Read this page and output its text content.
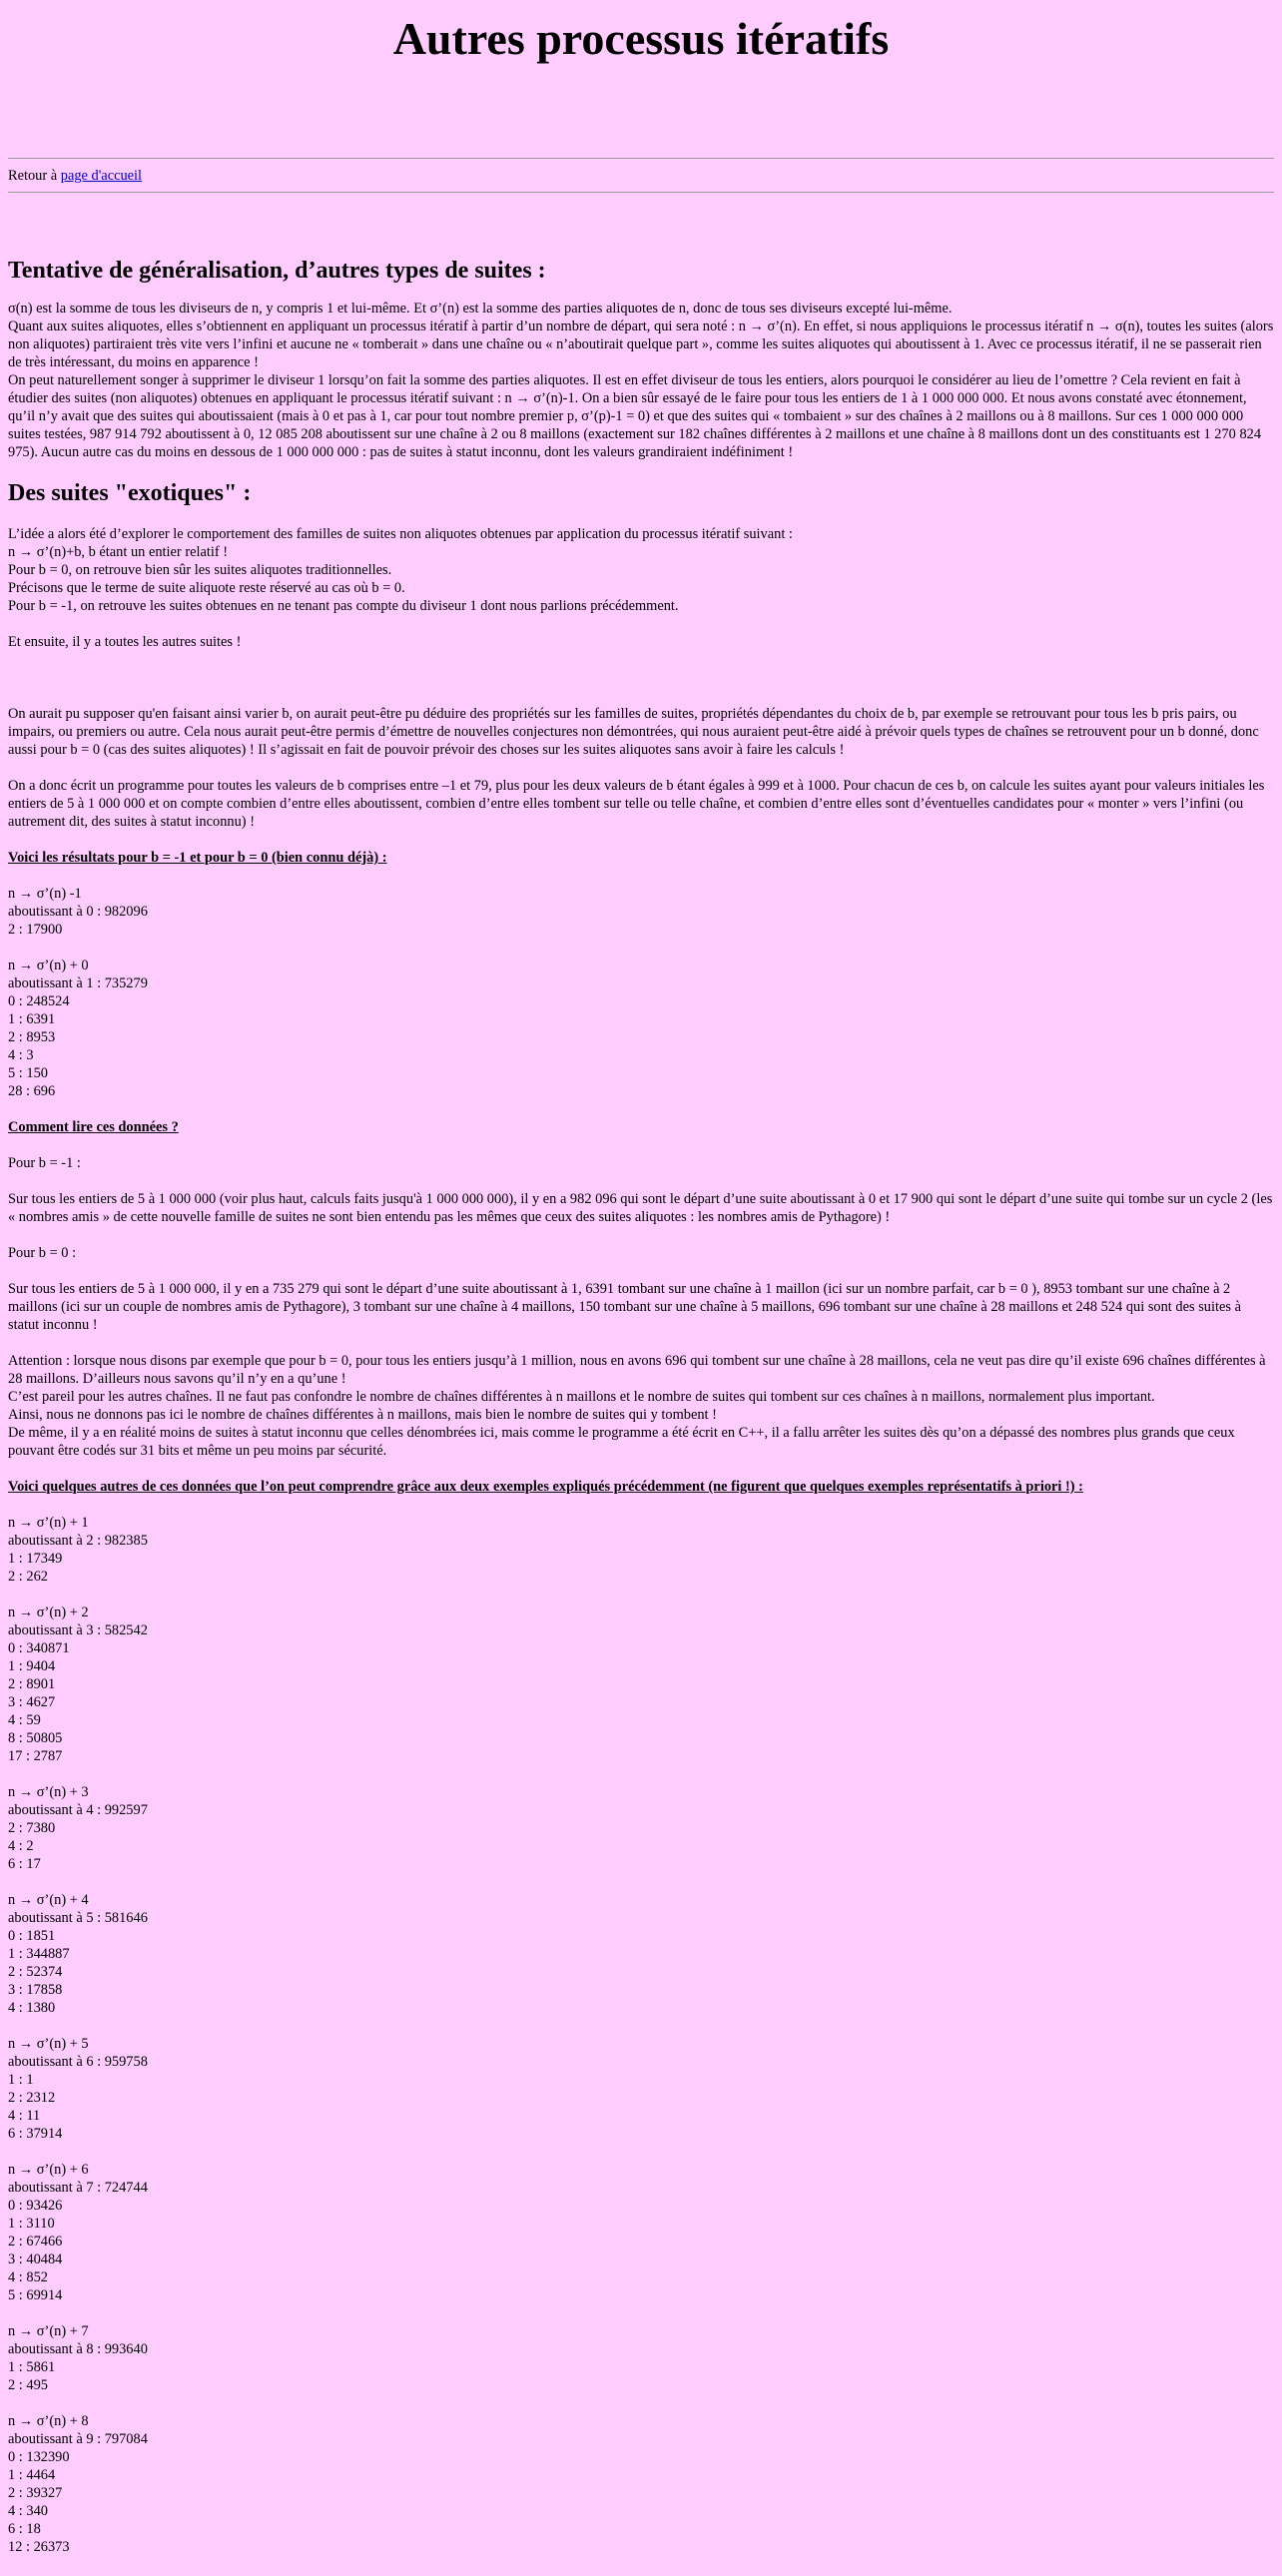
Autres processus itératifs
Retour à page d'accueil
Tentative de généralisation, d’autres types de suites :

σ(n) est la somme de tous les diviseurs de n, y compris 1 et lui-même. Et σ’(n) est la somme des parties aliquotes de n, donc de tous ses diviseurs excepté lui-même.
Quant aux suites aliquotes, elles s’obtiennent en appliquant un processus itératif à partir d’un nombre de départ, qui sera noté : n → σ’(n). En effet, si nous appliquions le processus itératif n → σ(n), toutes les suites (alors non aliquotes) partiraient très vite vers l’infini et aucune ne « tomberait » dans une chaîne ou « n’aboutirait quelque part », comme les suites aliquotes qui aboutissent à 1. Avec ce processus itératif, il ne se passerait rien de très intéressant, du moins en apparence !
On peut naturellement songer à supprimer le diviseur 1 lorsqu’on fait la somme des parties aliquotes. Il est en effet diviseur de tous les entiers, alors pourquoi le considérer au lieu de l’omettre ? Cela revient en fait à étudier des suites (non aliquotes) obtenues en appliquant le processus itératif suivant : n → σ’(n)-1. On a bien sûr essayé de le faire pour tous les entiers de 1 à 1 000 000 000. Et nous avons constaté avec étonnement, qu’il n’y avait que des suites qui aboutissaient (mais à 0 et pas à 1, car pour tout nombre premier p, σ’(p)-1 = 0) et que des suites qui « tombaient » sur des chaînes à 2 maillons ou à 8 maillons. Sur ces 1 000 000 000 suites testées, 987 914 792 aboutissent à 0, 12 085 208 aboutissent sur une chaîne à 2 ou 8 maillons (exactement sur 182 chaînes différentes à 2 maillons et une chaîne à 8 maillons dont un des constituants est 1 270 824 975). Aucun autre cas du moins en dessous de 1 000 000 000 : pas de suites à statut inconnu, dont les valeurs grandiraient indéfiniment !

Des suites "exotiques" :

L’idée a alors été d’explorer le comportement des familles de suites non aliquotes obtenues par application du processus itératif suivant :
n → σ’(n)+b, b étant un entier relatif !
Pour b = 0, on retrouve bien sûr les suites aliquotes traditionnelles.
Précisons que le terme de suite aliquote reste réservé au cas où b = 0.
Pour b = -1, on retrouve les suites obtenues en ne tenant pas compte du diviseur 1 dont nous parlions précédemment.

Et ensuite, il y a toutes les autres suites !

On aurait pu supposer qu'en faisant ainsi varier b, on aurait peut-être pu déduire des propriétés sur les familles de suites, propriétés dépendantes du choix de b, par exemple se retrouvant pour tous les b pris pairs, ou impairs, ou premiers ou autre. Cela nous aurait peut-être permis d’émettre de nouvelles conjectures non démontrées, qui nous auraient peut-être aidé à prévoir quels types de chaînes se retrouvent pour un b donné, donc aussi pour b = 0 (cas des suites aliquotes) ! Il s’agissait en fait de pouvoir prévoir des choses sur les suites aliquotes sans avoir à faire les calculs !

On a donc écrit un programme pour toutes les valeurs de b comprises entre –1 et 79, plus pour les deux valeurs de b étant égales à 999 et à 1000. Pour chacun de ces b, on calcule les suites ayant pour valeurs initiales les entiers de 5 à 1 000 000 et on compte combien d’entre elles aboutissent, combien d’entre elles tombent sur telle ou telle chaîne, et combien d’entre elles sont d’éventuelles candidates pour « monter » vers l’infini (ou autrement dit, des suites à statut inconnu) !

Voici les résultats pour b = -1 et pour b = 0 (bien connu déjà) :

n → σ’(n) -1
aboutissant à 0 : 982096
2 : 17900
n → σ’(n) + 0
aboutissant à 1 : 735279
0 : 248524
1 : 6391
2 : 8953
4 : 3
5 : 150
28 : 696

Comment lire ces données ?

Pour b = -1 :

Sur tous les entiers de 5 à 1 000 000 (voir plus haut, calculs faits jusqu'à 1 000 000 000), il y en a 982 096 qui sont le départ d’une suite aboutissant à 0 et 17 900 qui sont le départ d’une suite qui tombe sur un cycle 2 (les « nombres amis » de cette nouvelle famille de suites ne sont bien entendu pas les mêmes que ceux des suites aliquotes : les nombres amis de Pythagore) !

Pour b = 0 :

Sur tous les entiers de 5 à 1 000 000, il y en a 735 279 qui sont le départ d’une suite aboutissant à 1, 6391 tombant sur une chaîne à 1 maillon (ici sur un nombre parfait, car b = 0 ), 8953 tombant sur une chaîne à 2 maillons (ici sur un couple de nombres amis de Pythagore), 3 tombant sur une chaîne à 4 maillons, 150 tombant sur une chaîne à 5 maillons, 696 tombant sur une chaîne à 28 maillons et 248 524 qui sont des suites à statut inconnu !

Attention : lorsque nous disons par exemple que pour b = 0, pour tous les entiers jusqu’à 1 million, nous en avons 696 qui tombent sur une chaîne à 28 maillons, cela ne veut pas dire qu’il existe 696 chaînes différentes à 28 maillons. D’ailleurs nous savons qu’il n’y en a qu’une !
C’est pareil pour les autres chaînes. Il ne faut pas confondre le nombre de chaînes différentes à n maillons et le nombre de suites qui tombent sur ces chaînes à n maillons, normalement plus important.
Ainsi, nous ne donnons pas ici le nombre de chaînes différentes à n maillons, mais bien le nombre de suites qui y tombent !
De même, il y a en réalité moins de suites à statut inconnu que celles dénombrées ici, mais comme le programme a été écrit en C++, il a fallu arrêter les suites dès qu’on a dépassé des nombres plus grands que ceux pouvant être codés sur 31 bits et même un peu moins par sécurité.

Voici quelques autres de ces données que l’on peut comprendre grâce aux deux exemples expliqués précédemment (ne figurent que quelques exemples représentatifs à priori !) :

n → σ’(n) + 1
aboutissant à 2 : 982385
1 : 17349
2 : 262
n → σ’(n) + 2
aboutissant à 3 : 582542
0 : 340871
1 : 9404
2 : 8901
3 : 4627
4 : 59
8 : 50805
17 : 2787
n → σ’(n) + 3
aboutissant à 4 : 992597
2 : 7380
4 : 2
6 : 17
n → σ’(n) + 4
aboutissant à 5 : 581646
0 : 1851
1 : 344887
2 : 52374
3 : 17858
4 : 1380
n → σ’(n) + 5
aboutissant à 6 : 959758
1 : 1
2 : 2312
4 : 11
6 : 37914
n → σ’(n) + 6
aboutissant à 7 : 724744
0 : 93426
1 : 3110
2 : 67466
3 : 40484
4 : 852
5 : 69914
n → σ’(n) + 7
aboutissant à 8 : 993640
1 : 5861
2 : 495
n → σ’(n) + 8
aboutissant à 9 : 797084
0 : 132390
1 : 4464
2 : 39327
4 : 340
6 : 18
12 : 26373
